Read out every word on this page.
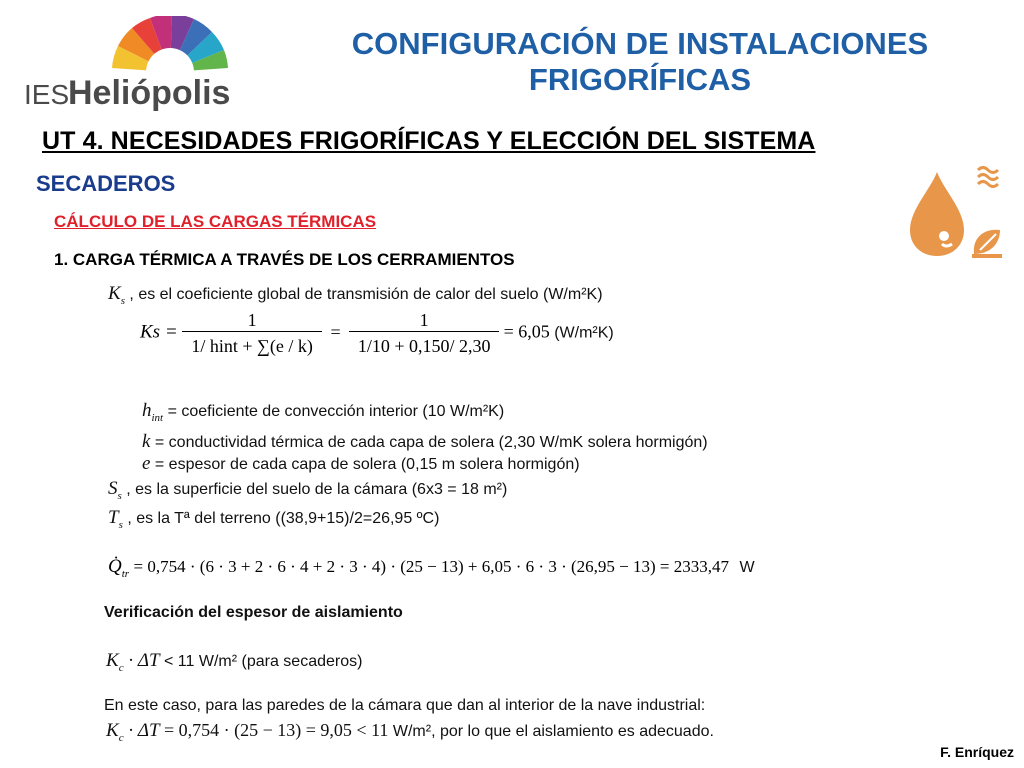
IES
Heliópolis
CONFIGURACIÓN DE INSTALACIONES
FRIGORÍFICAS
UT 4. NECESIDADES FRIGORÍFICAS Y ELECCIÓN DEL SISTEMA
SECADEROS
CÁLCULO DE LAS CARGAS TÉRMICAS
1. CARGA TÉRMICA A TRAVÉS DE LOS CERRAMIENTOS
$K_s$ , es el coeficiente global de transmisión de calor del suelo (W/m²K)
$Ks = \frac{1}{\text{1/ hint + ∑(e / k)}} = \frac{1}{1/10 + 0,150/ 2,30} = 6,05$ (W/m²K)
$h_{int}$ = coeficiente de convección interior (10 W/m²K)
k = conductividad térmica de cada capa de solera (2,30 W/mK solera hormigón)
e = espesor de cada capa de solera (0,15 m solera hormigón)
$S_s$ , es la superficie del suelo de la cámara (6x3 = 18 m²)
$T_s$ , es la Tª del terreno ((38,9+15)/2=26,95 ºC)
$Q̇_{tr} = 0,754 \cdot (6 \cdot 3 + 2 \cdot 6 \cdot 4 + 2 \cdot 3 \cdot 4) \cdot (25 - 13) + 6,05 \cdot 6 \cdot 3 \cdot (26,95 - 13) = 2333,47$ W
Verificación del espesor de aislamiento
$K_c \cdot \Delta T < 11$ W/m² (para secaderos)
En este caso, para las paredes de la cámara que dan al interior de la nave industrial:
$K_c \cdot \Delta T = 0,754 \cdot (25 - 13) = 9,05 < 11$ W/m², por lo que el aislamiento es adecuado.
F. Enríquez
